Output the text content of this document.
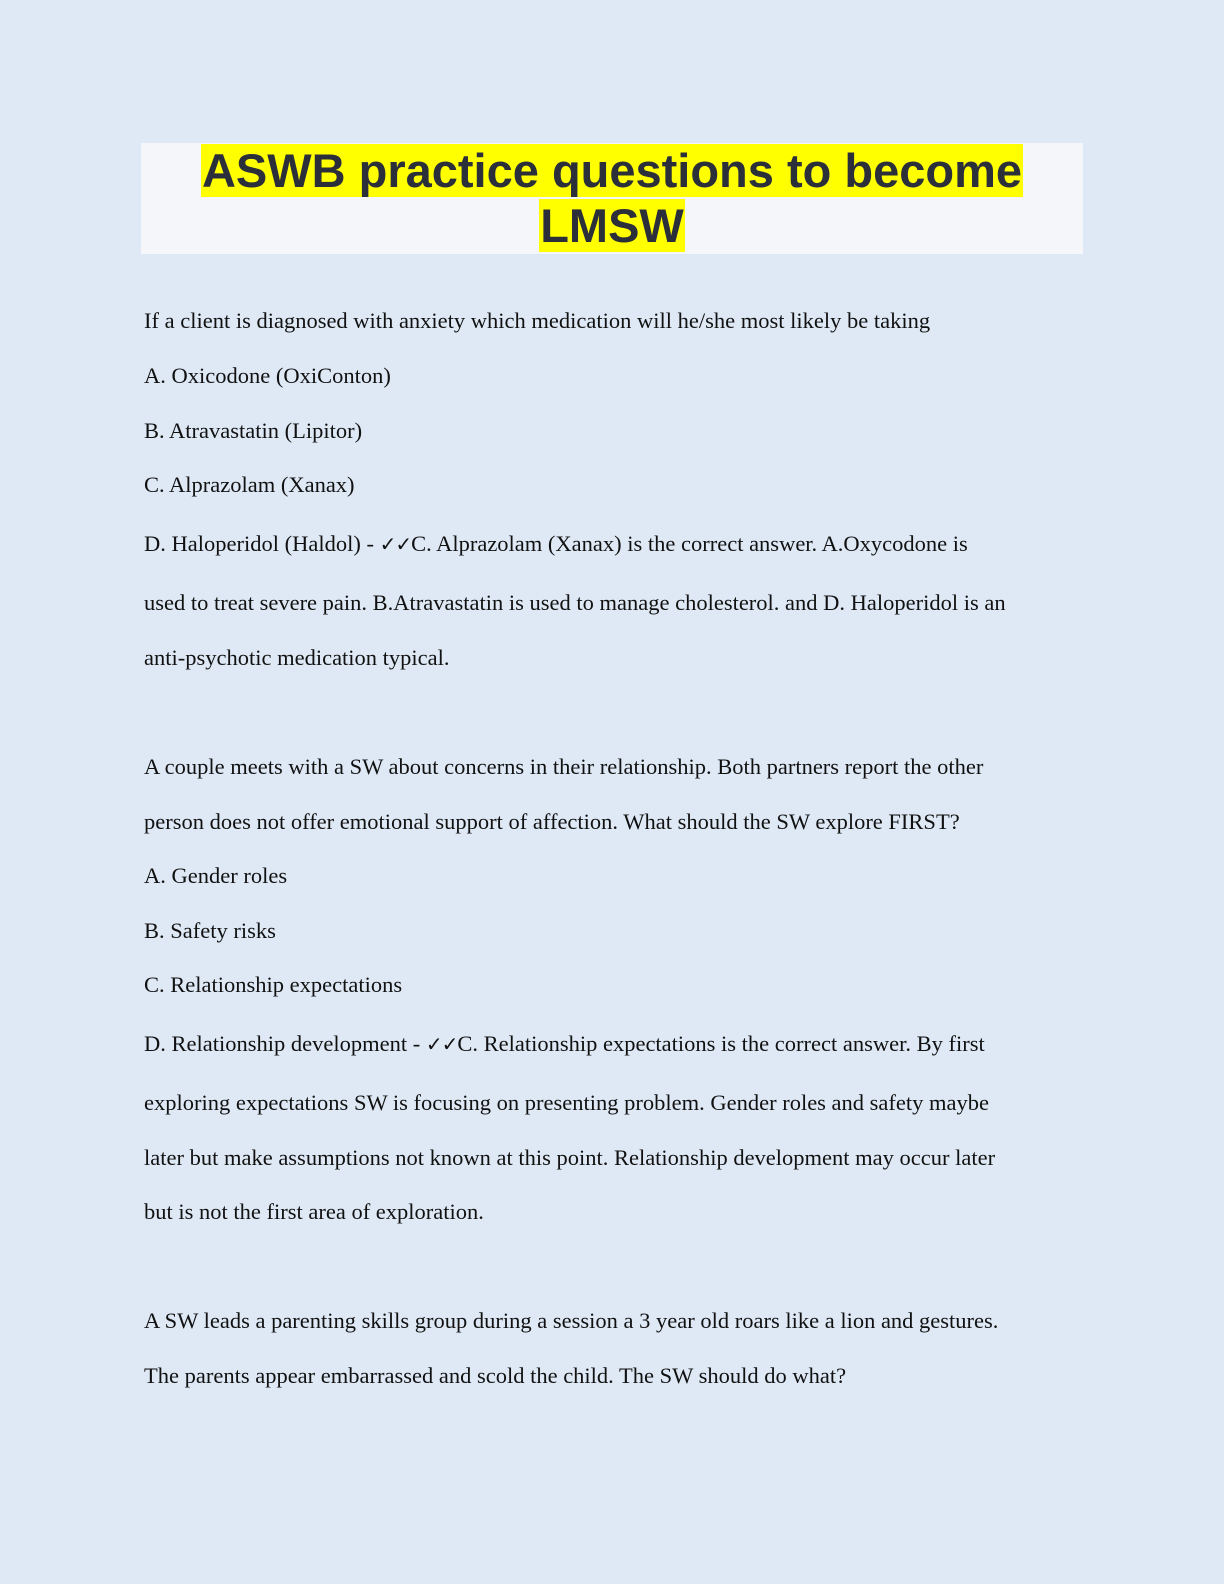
ASWB practice questions to become
LMSW
If a client is diagnosed with anxiety which medication will he/she most likely be taking
A. Oxicodone (OxiConton)
B. Atravastatin (Lipitor)
C. Alprazolam (Xanax)
D. Haloperidol (Haldol) - ✓✓C. Alprazolam (Xanax) is the correct answer. A.Oxycodone is
used to treat severe pain. B.Atravastatin is used to manage cholesterol. and D. Haloperidol is an
anti-psychotic medication typical.
A couple meets with a SW about concerns in their relationship. Both partners report the other
person does not offer emotional support of affection. What should the SW explore FIRST?
A. Gender roles
B. Safety risks
C. Relationship expectations
D. Relationship development - ✓✓C. Relationship expectations is the correct answer. By first
exploring expectations SW is focusing on presenting problem. Gender roles and safety maybe
later but make assumptions not known at this point. Relationship development may occur later
but is not the first area of exploration.
A SW leads a parenting skills group during a session a 3 year old roars like a lion and gestures.
The parents appear embarrassed and scold the child. The SW should do what?
